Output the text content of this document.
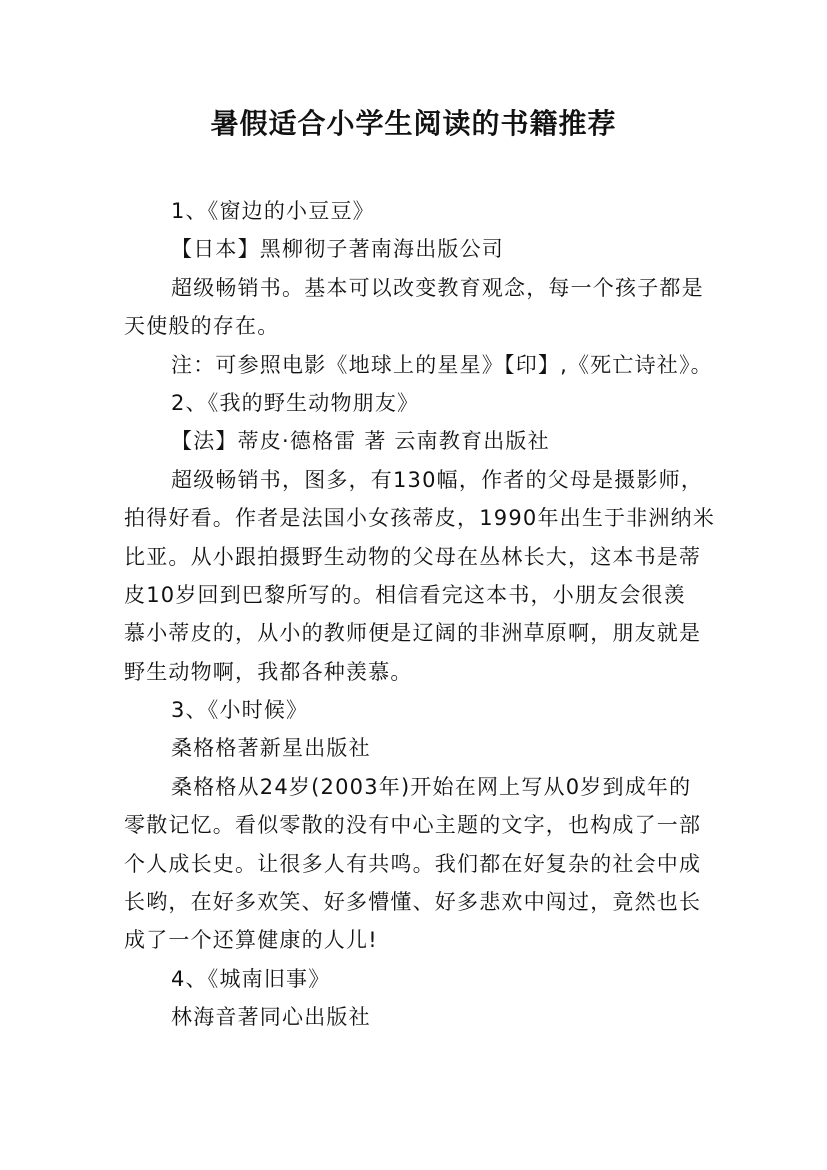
暑假适合小学生阅读的书籍推荐

1、《窗边的小豆豆》

【日本】黑柳彻子著南海出版公司

超级畅销书。基本可以改变教育观念，每一个孩子都是

天使般的存在。

注：可参照电影《地球上的星星》【印】,《死亡诗社》。

2、《我的野生动物朋友》

【法】蒂皮·德格雷 著 云南教育出版社

超级畅销书，图多，有130幅，作者的父母是摄影师，

拍得好看。作者是法国小女孩蒂皮，1990年出生于非洲纳米

比亚。从小跟拍摄野生动物的父母在丛林长大，这本书是蒂

皮10岁回到巴黎所写的。相信看完这本书，小朋友会很羡

慕小蒂皮的，从小的教师便是辽阔的非洲草原啊，朋友就是

野生动物啊，我都各种羡慕。

3、《小时候》

桑格格著新星出版社

桑格格从24岁(2003年)开始在网上写从0岁到成年的

零散记忆。看似零散的没有中心主题的文字，也构成了一部

个人成长史。让很多人有共鸣。我们都在好复杂的社会中成

长哟，在好多欢笑、好多懵懂、好多悲欢中闯过，竟然也长

成了一个还算健康的人儿!

4、《城南旧事》

林海音著同心出版社
